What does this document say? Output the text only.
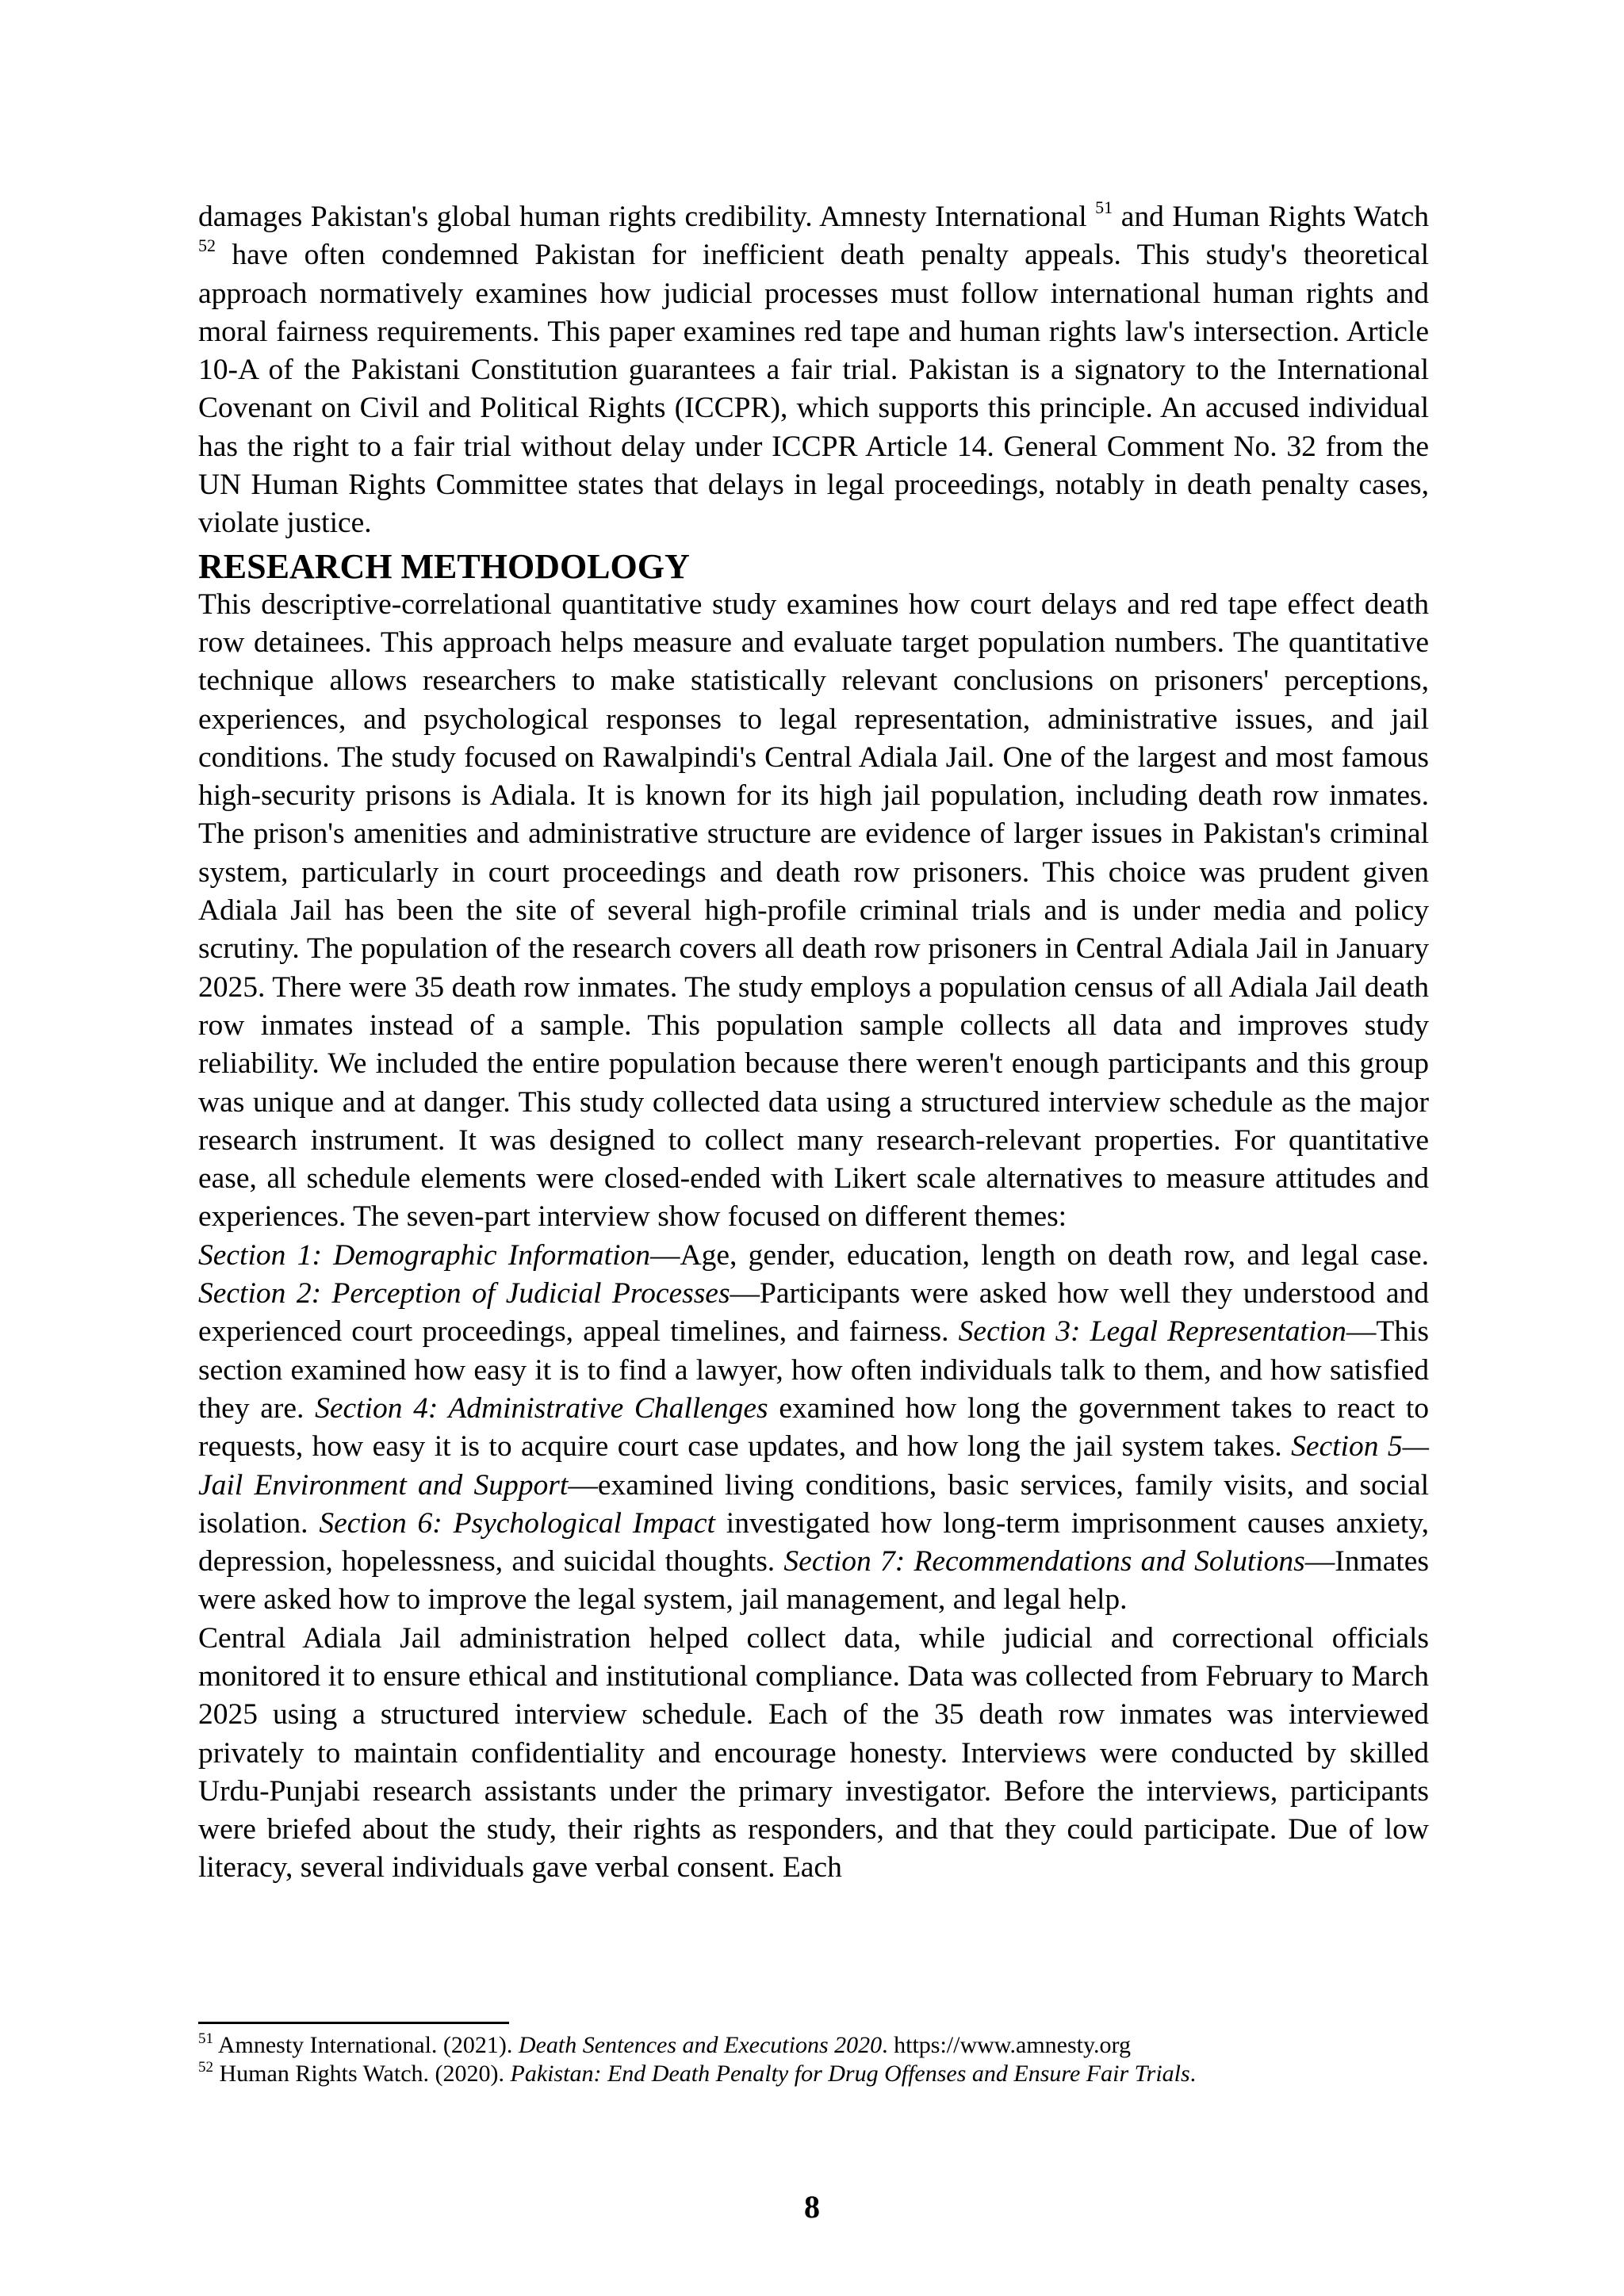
damages Pakistan's global human rights credibility. Amnesty International $^{51}$ and Human Rights Watch $^{52}$ have often condemned Pakistan for inefficient death penalty appeals. This study's theoretical approach normatively examines how judicial processes must follow international human rights and moral fairness requirements. This paper examines red tape and human rights law's intersection. Article 10-A of the Pakistani Constitution guarantees a fair trial. Pakistan is a signatory to the International Covenant on Civil and Political Rights (ICCPR), which supports this principle. An accused individual has the right to a fair trial without delay under ICCPR Article 14. General Comment No. 32 from the UN Human Rights Committee states that delays in legal proceedings, notably in death penalty cases, violate justice.

RESEARCH METHODOLOGY

This descriptive-correlational quantitative study examines how court delays and red tape effect death row detainees. This approach helps measure and evaluate target population numbers. The quantitative technique allows researchers to make statistically relevant conclusions on prisoners' perceptions, experiences, and psychological responses to legal representation, administrative issues, and jail conditions. The study focused on Rawalpindi's Central Adiala Jail. One of the largest and most famous high-security prisons is Adiala. It is known for its high jail population, including death row inmates. The prison's amenities and administrative structure are evidence of larger issues in Pakistan's criminal system, particularly in court proceedings and death row prisoners. This choice was prudent given Adiala Jail has been the site of several high-profile criminal trials and is under media and policy scrutiny. The population of the research covers all death row prisoners in Central Adiala Jail in January 2025. There were 35 death row inmates. The study employs a population census of all Adiala Jail death row inmates instead of a sample. This population sample collects all data and improves study reliability. We included the entire population because there weren't enough participants and this group was unique and at danger. This study collected data using a structured interview schedule as the major research instrument. It was designed to collect many research-relevant properties. For quantitative ease, all schedule elements were closed-ended with Likert scale alternatives to measure attitudes and experiences. The seven-part interview show focused on different themes:

Section 1: Demographic Information—Age, gender, education, length on death row, and legal case. Section 2: Perception of Judicial Processes—Participants were asked how well they understood and experienced court proceedings, appeal timelines, and fairness. Section 3: Legal Representation—This section examined how easy it is to find a lawyer, how often individuals talk to them, and how satisfied they are. Section 4: Administrative Challenges examined how long the government takes to react to requests, how easy it is to acquire court case updates, and how long the jail system takes. Section 5—Jail Environment and Support—examined living conditions, basic services, family visits, and social isolation. Section 6: Psychological Impact investigated how long-term imprisonment causes anxiety, depression, hopelessness, and suicidal thoughts. Section 7: Recommendations and Solutions—Inmates were asked how to improve the legal system, jail management, and legal help.

Central Adiala Jail administration helped collect data, while judicial and correctional officials monitored it to ensure ethical and institutional compliance. Data was collected from February to March 2025 using a structured interview schedule. Each of the 35 death row inmates was interviewed privately to maintain confidentiality and encourage honesty. Interviews were conducted by skilled Urdu-Punjabi research assistants under the primary investigator. Before the interviews, participants were briefed about the study, their rights as responders, and that they could participate. Due of low literacy, several individuals gave verbal consent. Each

$^{51}$ Amnesty International. (2021). Death Sentences and Executions 2020. https://www.amnesty.org

$^{52}$ Human Rights Watch. (2020). Pakistan: End Death Penalty for Drug Offenses and Ensure Fair Trials.

8
